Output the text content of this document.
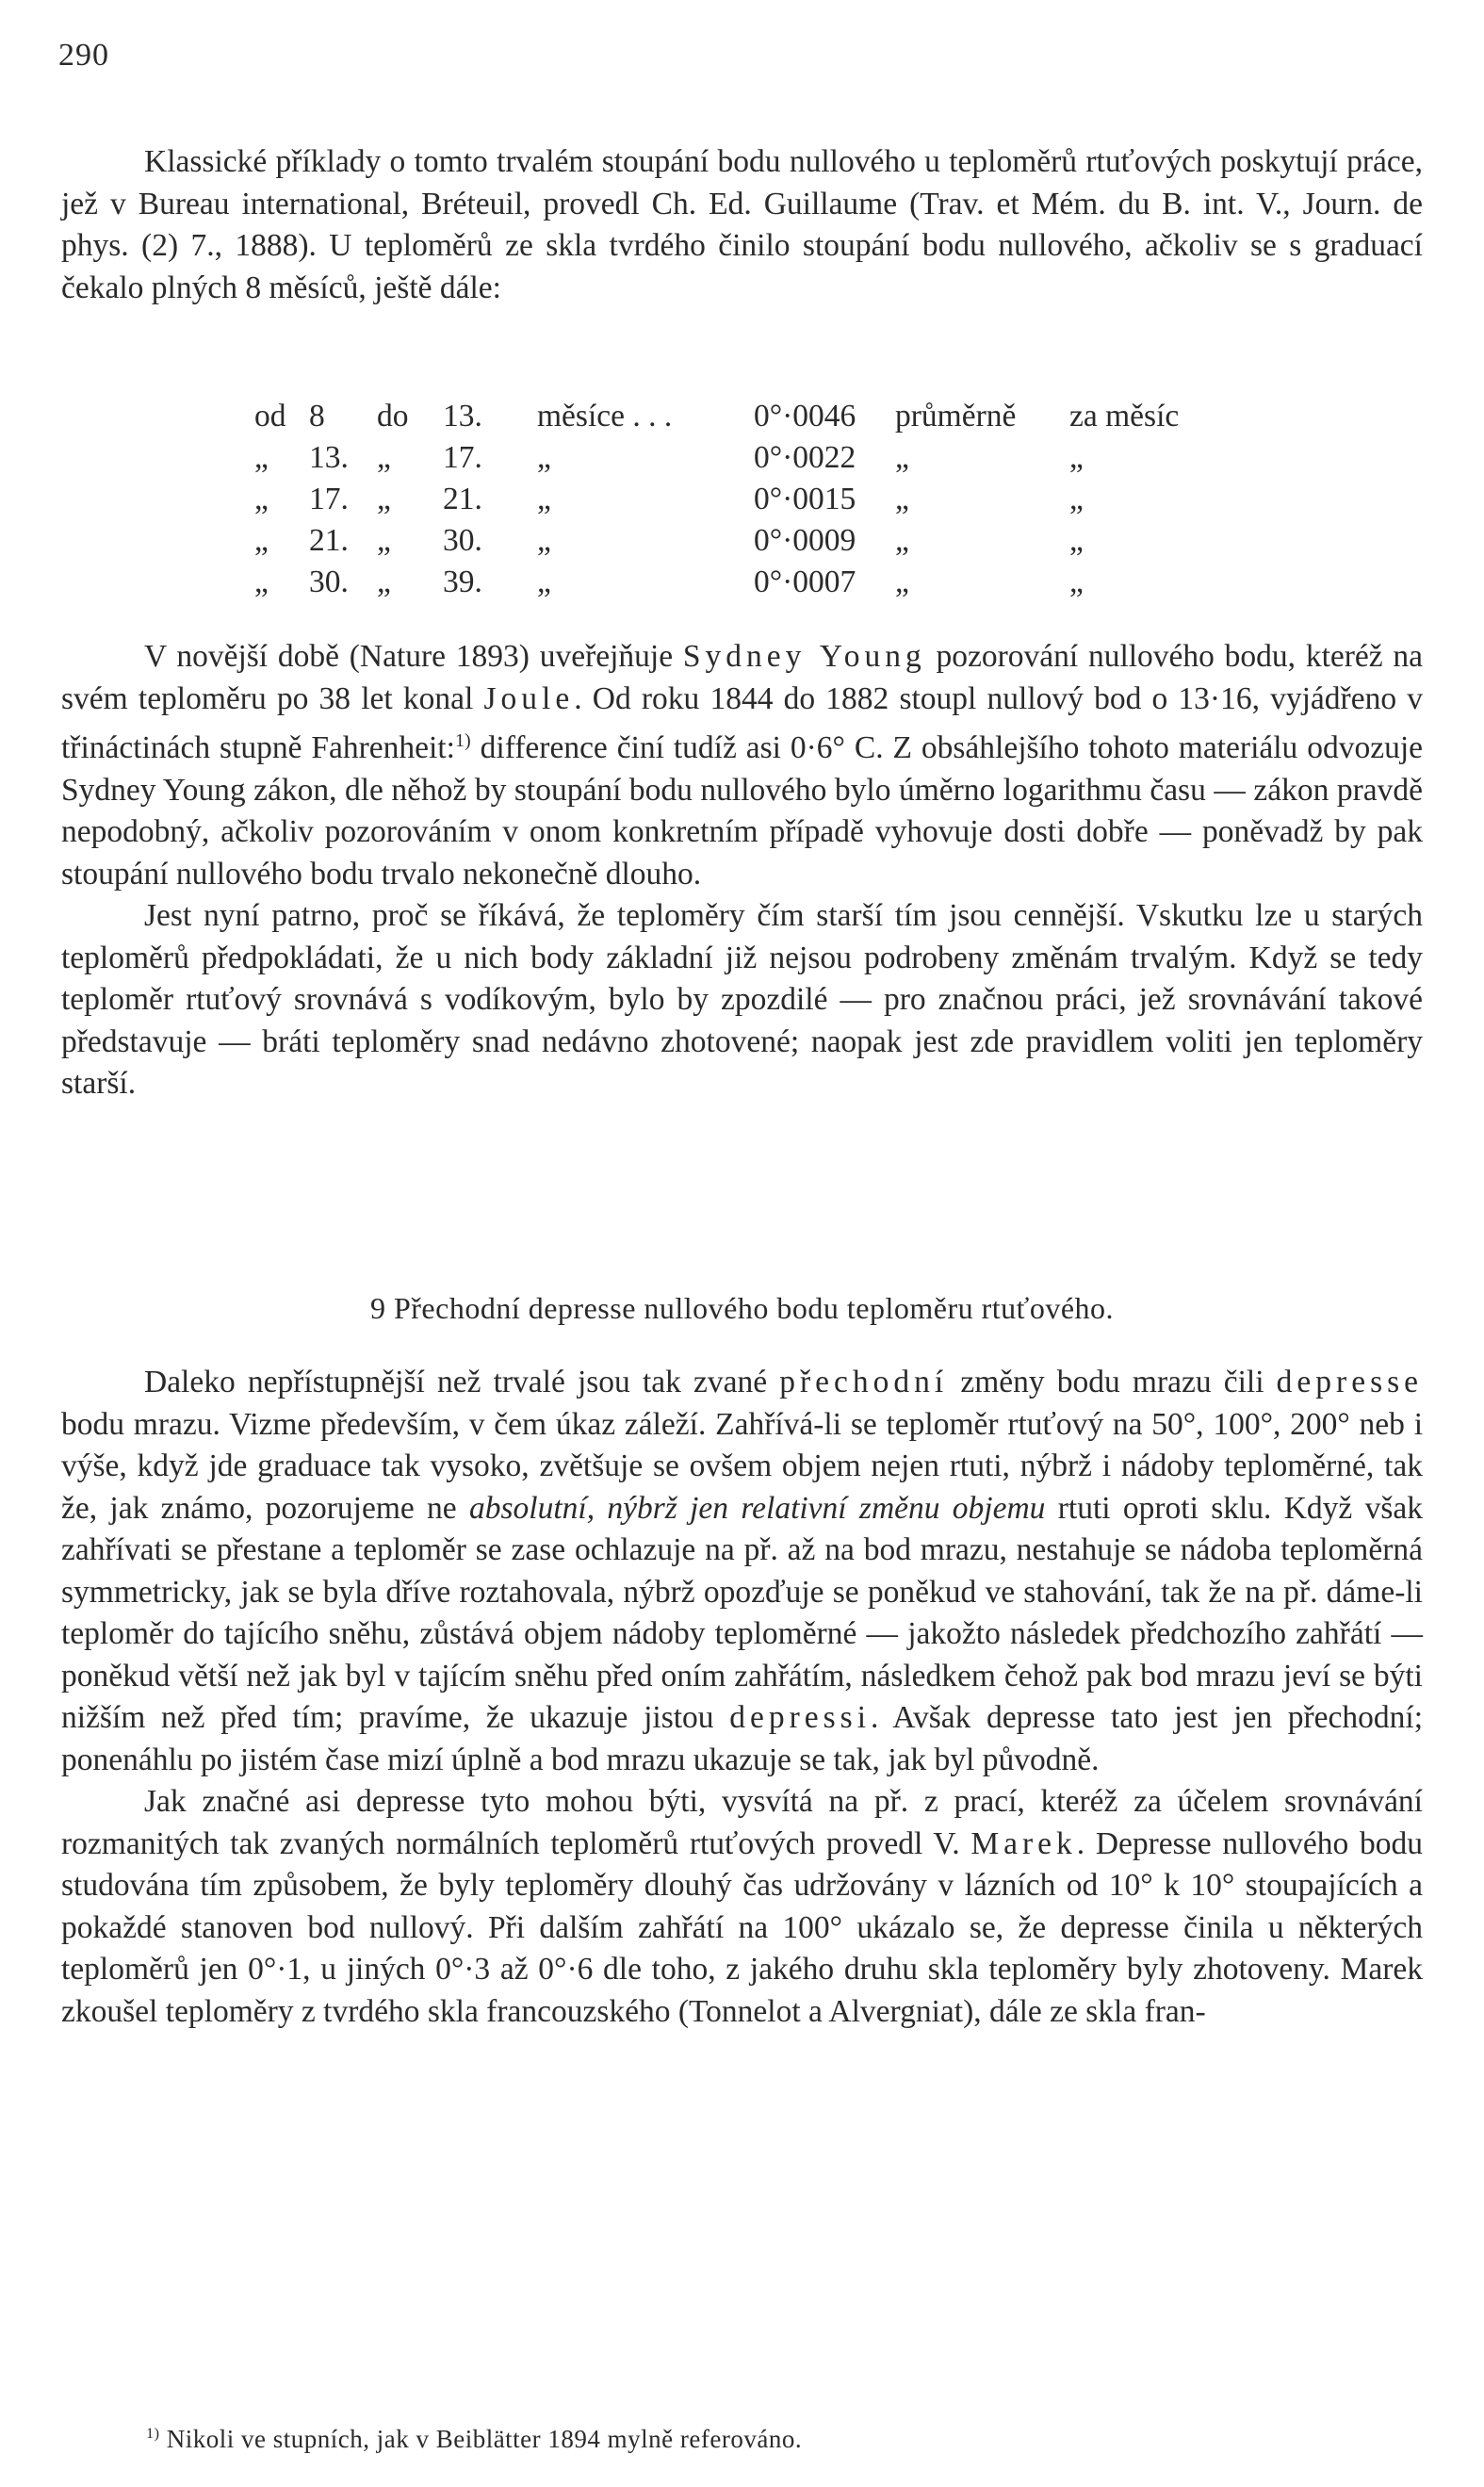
290

Klassické příklady o tomto trvalém stoupání bodu nullového u teploměrů rtuťových poskytují práce, jež v Bureau international, Bréteuil, provedl Ch. Ed. Guillaume (Trav. et Mém. du B. int. V., Journ. de phys. (2) 7., 1888). U teploměrů ze skla tvrdého činilo stoupání bodu nullového, ačkoliv se s graduací čekalo plných 8 měsíců, ještě dále:

od 8 do 13. měsíce . . .	0°·0046 průměrně za měsíc
„ 13. „ 17. „	0°·0022 „	„
„ 17. „ 21. „	0°·0015 „	„
„ 21. „ 30. „	0°·0009 „	„
„ 30. „ 39. „	0°·0007 „	„

V novější době (Nature 1893) uveřejňuje Sydney Young pozorování nullového bodu, kteréž na svém teploměru po 38 let konal Joule. Od roku 1844 do 1882 stoupl nullový bod o 13·16, vyjádřeno v třináctinách stupně Fahrenheit:$^{1)}$ difference činí tudíž asi 0·6° C. Z obsáhlejšího tohoto materiálu odvozuje Sydney Young zákon, dle něhož by stoupání bodu nullového bylo úměrno logarithmu času — zákon pravdě nepodobný, ačkoliv pozorováním v onom konkretním případě vyhovuje dosti dobře — poněvadž by pak stoupání nullového bodu trvalo nekonečně dlouho.

Jest nyní patrno, proč se říkává, že teploměry čím starší tím jsou cennější. Vskutku lze u starých teploměrů předpokládati, že u nich body základní již nejsou podrobeny změnám trvalým. Když se tedy teploměr rtuťový srovnává s vodíkovým, bylo by zpozdilé — pro značnou práci, jež srovnávání takové představuje — bráti teploměry snad nedávno zhotovené; naopak jest zde pravidlem voliti jen teploměry starší.

9 Přechodní depresse nullového bodu teploměru rtuťového.

Daleko nepřístupnější než trvalé jsou tak zvané přechodní změny bodu mrazu čili depresse bodu mrazu. Vizme především, v čem úkaz záleží. Zahřívá-li se teploměr rtuťový na 50°, 100°, 200° neb i výše, když jde graduace tak vysoko, zvětšuje se ovšem objem nejen rtuti, nýbrž i nádoby teploměrné, tak že, jak známo, pozorujeme ne absolutní, nýbrž jen relativní změnu objemu rtuti oproti sklu. Když však zahřívati se přestane a teploměr se zase ochlazuje na př. až na bod mrazu, nestahuje se nádoba teploměrná symmetricky, jak se byla dříve roztahovala, nýbrž opozďuje se poněkud ve stahování, tak že na př. dáme-li teploměr do tajícího sněhu, zůstává objem nádoby teploměrné — jakožto následek předchozího zahřátí — poněkud větší než jak byl v tajícím sněhu před oním zahřátím, následkem čehož pak bod mrazu jeví se býti nižším než před tím; pravíme, že ukazuje jistou depressi. Avšak depresse tato jest jen přechodní; ponenáhlu po jistém čase mizí úplně a bod mrazu ukazuje se tak, jak byl původně.

Jak značné asi depresse tyto mohou býti, vysvítá na př. z prací, kteréž za účelem srovnávání rozmanitých tak zvaných normálních teploměrů rtuťových provedl V. Marek. Depresse nullového bodu studována tím způsobem, že byly teploměry dlouhý čas udržovány v lázních od 10° k 10° stoupajících a pokaždé stanoven bod nullový. Při dalším zahřátí na 100° ukázalo se, že depresse činila u některých teploměrů jen 0°·1, u jiných 0°·3 až 0°·6 dle toho, z jakého druhu skla teploměry byly zhotoveny. Marek zkoušel teploměry z tvrdého skla francouzského (Tonnelot a Alvergniat), dále ze skla fran-

$^{1)}$ Nikoli ve stupních, jak v Beiblätter 1894 mylně referováno.
